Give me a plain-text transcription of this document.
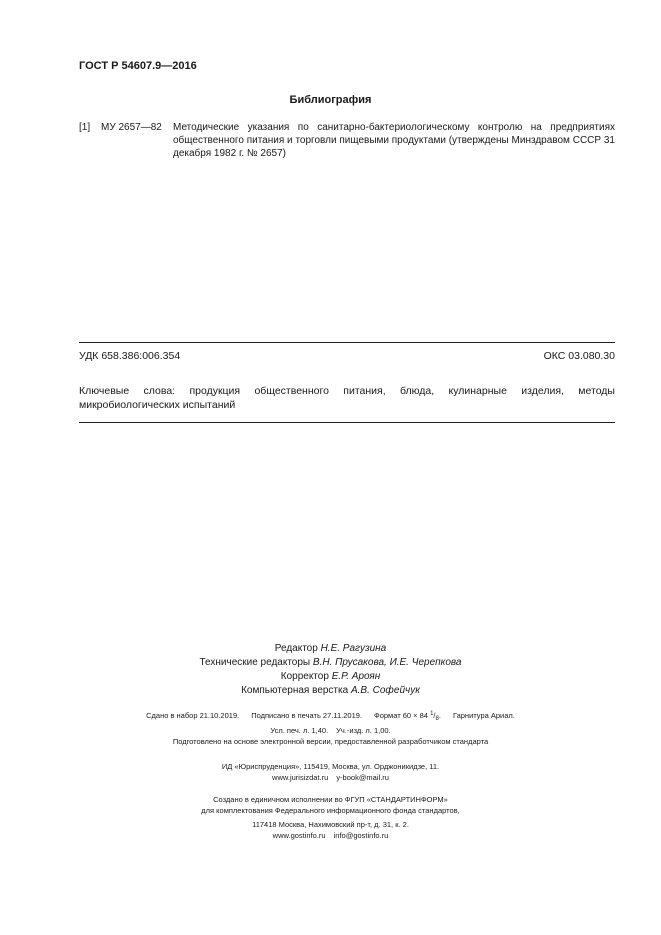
ГОСТ Р 54607.9—2016
Библиография
[1] МУ 2657—82 Методические указания по санитарно-бактериологическому контролю на предприятиях общественного питания и торговли пищевыми продуктами (утверждены Минздравом СССР 31 декабря 1982 г. № 2657)
УДК 658.386:006.354	ОКС 03.080.30
Ключевые слова: продукция общественного питания, блюда, кулинарные изделия, методы микробиологических испытаний
Редактор Н.Е. Рагузина
Технические редакторы В.Н. Прусакова, И.Е. Черепкова
Корректор Е.Р. Ароян
Компьютерная верстка А.В. Софейчук
Сдано в набор 21.10.2019. Подписано в печать 27.11.2019. Формат 60 × 84 $^1/_8$. Гарнитура Ариал.
Усл. печ. л. 1,40. Уч.-изд. л. 1,00.
Подготовлено на основе электронной версии, предоставленной разработчиком стандарта
ИД «Юриспруденция», 115419, Москва, ул. Орджоникидзе, 11.
www.jurisizdat.ru y-book@mail.ru
Создано в единичном исполнении во ФГУП «СТАНДАРТИНФОРМ»
для комплектования Федерального информационного фонда стандартов,
117418 Москва, Нахимовский пр-т, д. 31, к. 2.
www.gostinfo.ru info@gostinfo.ru
